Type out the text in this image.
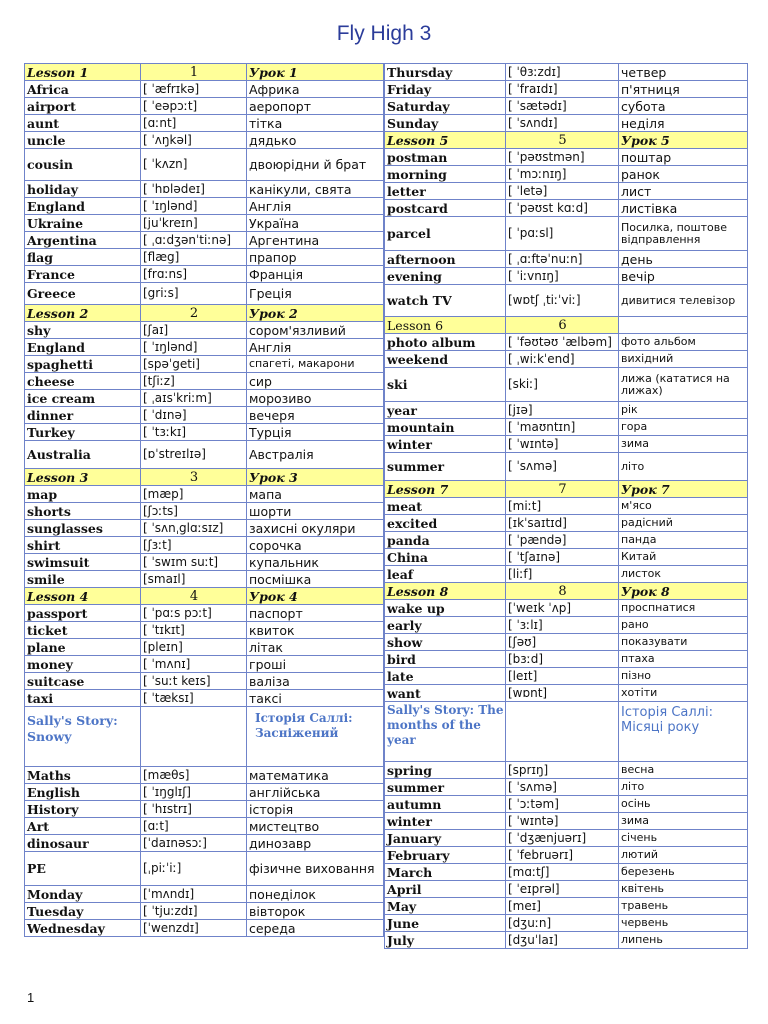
Fly High 3
Lesson 1	1	Урок 1
Africa	[ ˈæfrɪkə]	Африка
airport	[ ˈeəpɔːt]	аеропорт
aunt	[ɑːnt]	тітка
uncle	[ ˈʌŋkəl]	дядько
cousin	[ ˈkʌzn]	двоюрідни й брат
holiday	[ ˈhɒlədeɪ]	канікули, свята
England	[ ˈɪŋlənd]	Англія
Ukraine	[juˈkreɪn]	Україна
Argentina	[ ˌɑːdʒənˈtiːnə]	Аргентина
flag	[flæg]	прапор
France	[frɑːns]	Франція
Greece	[griːs]	Греція
Lesson 2	2	Урок 2
shy	[ʃaɪ]	сором'язливий
England	[ ˈɪŋlənd]	Англія
spaghetti	[spəˈgeti]	спагеті, макарони
cheese	[tʃiːz]	сир
ice cream	[ ˌaɪsˈkriːm]	морозиво
dinner	[ ˈdɪnə]	вечеря
Turkey	[ ˈtɜːkɪ]	Турція
Australia	[ɒˈstreɪlɪə]	Австралія
Lesson 3	3	Урок 3
map	[mæp]	мапа
shorts	[ʃɔːts]	шорти
sunglasses	[ ˈsʌnˌglɑːsɪz]	захисні окуляри
shirt	[ʃɜːt]	сорочка
swimsuit	[ ˈswɪm suːt]	купальник
smile	[smaɪl]	посмішка
Lesson 4	4	Урок 4
passport	[ ˈpɑːs pɔːt]	паспорт
ticket	[ ˈtɪkɪt]	квиток
plane	[pleɪn]	літак
money	[ ˈmʌnɪ]	гроші
suitcase	[ ˈsuːt keɪs]	валіза
taxi	[ ˈtæksɪ]	таксі
Sally's Story: Snowy		Історія Саллі: Засніжений
Maths	[mæθs]	математика
English	[ ˈɪŋglɪʃ]	англійська
History	[ ˈhɪstrɪ]	історія
Art	[ɑːt]	мистецтво
dinosaur	[ˈdaɪnəsɔː]	динозавр
PE	[ˌpiːˈiː]	фізичне виховання
Monday	[ˈmʌndɪ]	понеділок
Tuesday	[ ˈtjuːzdɪ]	вівторок
Wednesday	[ˈwenzdɪ]	середа
Thursday	[ ˈθɜːzdɪ]	четвер
Friday	[ ˈfraɪdɪ]	п'ятниця
Saturday	[ ˈsætədɪ]	субота
Sunday	[ ˈsʌndɪ]	неділя
Lesson 5	5	Урок 5
postman	[ ˈpəʊstmən]	поштар
morning	[ ˈmɔːnɪŋ]	ранок
letter	[ ˈletə]	лист
postcard	[ ˈpəʊst kɑːd]	листівка
parcel	[ ˈpɑːsl]	Посилка, поштове відправлення
afternoon	[ ˌɑːftəˈnuːn]	день
evening	[ ˈiːvnɪŋ]	вечір
watch TV	[wɒtʃ ˌtiːˈviː]	дивитися телевізор
Lesson 6	6	
photo album	[ ˈfəʊtəʊ ˈælbəm]	фото альбом
weekend	[ ˌwiːkˈend]	вихідний
ski	[skiː]	лижа (кататися на лижах)
year	[jɪə]	рік
mountain	[ ˈmaʊntɪn]	гора
winter	[ ˈwɪntə]	зима
summer	[ ˈsʌmə]	літо
Lesson 7	7	Урок 7
meat	[miːt]	м'ясо
excited	[ɪkˈsaɪtɪd]	радісний
panda	[ ˈpændə]	панда
China	[ ˈtʃaɪnə]	Китай
leaf	[liːf]	листок
Lesson 8	8	Урок 8
wake up	[ˈweɪk ˈʌp]	проспнатися
early	[ ˈɜːlɪ]	рано
show	[ʃəʊ]	показувати
bird	[bɜːd]	птаха
late	[leɪt]	пізно
want	[wɒnt]	хотіти
Sally's Story: The months of the year		Історія Саллі: Місяці року
spring	[sprɪŋ]	весна
summer	[ ˈsʌmə]	літо
autumn	[ ˈɔːtəm]	осінь
winter	[ ˈwɪntə]	зима
January	[ ˈdʒænjuərɪ]	січень
February	[ ˈfebruərɪ]	лютий
March	[mɑːtʃ]	березень
April	[ ˈeɪprəl]	квітень
May	[meɪ]	травень
June	[dʒuːn]	червень
July	[dʒuˈlaɪ]	липень
1
